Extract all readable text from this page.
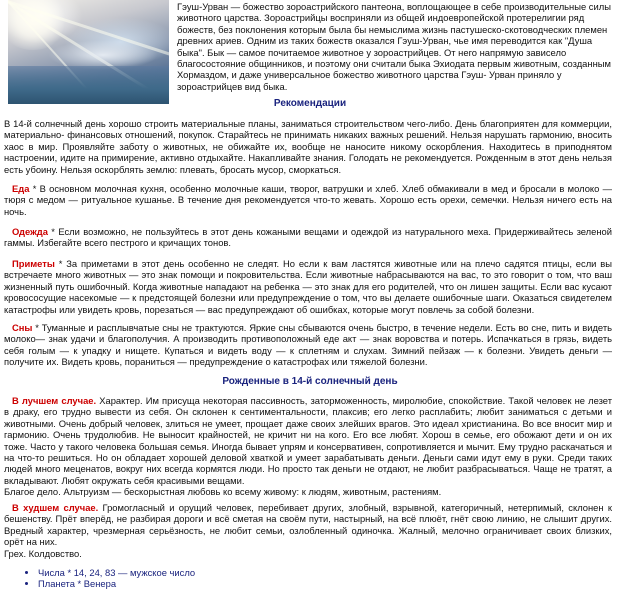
Гэуш-Урван — божество зороастрийского пантеона, воплощающее в себе производительные силы животного царства. Зороастрийцы восприняли из общей индоевропейской протерелигии ряд божеств, без поклонения которым была бы немыслима жизнь пастушеско-скотоводческих племен древних ариев. Одним из таких божеств оказался Гэуш-Урван, чье имя переводится как "Душа быка". Бык — самое почитаемое животное у зороастрийцев. От него напрямую зависело благосостояние общинников, и поэтому они считали быка Эхиодата первым животным, созданным Хормаздом, и даже универсальное божество животного царства Гэуш- Урван приняло у зороастрийцев вид быка.

Рекомендации

В 14-й солнечный день хорошо строить материальные планы, заниматься строительством чего-либо. День благоприятен для коммерции, материально- финансовых отношений, покупок. Старайтесь не принимать никаких важных решений. Нельзя нарушать гармонию, вносить хаос в мир. Проявляйте заботу о животных, не обижайте их, вообще не наносите никому оскорбления. Находитесь в приподнятом настроении, идите на примирение, активно отдыхайте. Накапливайте знания. Голодать не рекомендуется. Рожденным в этот день нельзя есть убоину. Нельзя оскорблять землю: плевать, бросать мусор, сморкаться.

Еда * В основном молочная кухня, особенно молочные каши, творог, ватрушки и хлеб. Хлеб обмакивали в мед и бросали в молоко — тюря с медом — ритуальное кушанье. В течение дня рекомендуется что-то жевать. Хорошо есть орехи, семечки. Нельзя ничего есть на ночь.

Одежда * Если возможно, не пользуйтесь в этот день кожаными вещами и одеждой из натурального меха. Придерживайтесь зеленой гаммы. Избегайте всего пестрого и кричащих тонов.

Приметы * За приметами в этот день особенно не следят. Но если к вам ластятся животные или на плечо садятся птицы, если вы встречаете много животных — это знак помощи и покровительства. Если животные набрасываются на вас, то это говорит о том, что ваш жизненный путь ошибочный. Когда животные нападают на ребенка — это знак для его родителей, что он лишен защиты. Если вас кусают кровососущие насекомые — к предстоящей болезни или предупреждение о том, что вы делаете ошибочные шаги. Оказаться свидетелем катастрофы или увидеть кровь, порезаться — вас предупреждают об ошибках, которые могут повлечь за собой болезни.

Сны * Туманные и расплывчатые сны не трактуются. Яркие сны сбываются очень быстро, в течение недели. Есть во сне, пить и видеть молоко— знак удачи и благополучия. А производить противоположный еде акт — знак воровства и потерь. Испачкаться в грязь, видеть себя голым — к упадку и нищете. Купаться и видеть воду — к сплетням и слухам. Зимний пейзаж — к болезни. Увидеть деньги — получите их. Видеть кровь, пораниться — предупреждение о катастрофах или тяжелой болезни.

Рожденные в 14-й солнечный день

В лучшем случае. Характер. Им присуща некоторая пассивность, заторможенность, миролюбие, спокойствие. Такой человек не лезет в драку, его трудно вывести из себя. Он склонен к сентиментальности, плаксив; его легко расплабить; любит заниматься с детьми и животными. Очень добрый человек, злиться не умеет, прощает даже своих злейших врагов. Это идеал христианина. Во все вносит мир и гармонию. Очень трудолюбив. Не выносит крайностей, не кричит ни на кого. Его все любят. Хорош в семье, его обожают дети и он их тоже. Часто у такого человека большая семья. Иногда бывает упрям и консервативен, сопротивляется и мычит. Ему трудно раскачаться и на что-то решиться. Но он обладает хорошей деловой хваткой и умеет зарабатывать деньги. Деньги сами идут ему в руки. Среди таких людей много меценатов, вокруг них всегда кормятся люди. Но просто так деньги не отдают, не любит разбрасываться. Чаще не тратят, а вкладывают. Любят окружать себя красивыми вещами.

Благое дело. Альтруизм — бескорыстная любовь ко всему живому: к людям, животным, растениям.

В худшем случае. Громогласный и орущий человек, перебивает других, злобный, взрывной, категоричный, нетерпимый, склонен к бешенству. Прёт вперёд, не разбирая дороги и всё сметая на своём пути, настырный, на всё плюёт, гнёт свою линию, не слышит других. Вредный характер, чрезмерная серьёзность, не любит семьи, озлобленный одиночка. Жалный, мелочно ограничивает своих близких, орёт на них.

Грех. Колдовство.

• Числа * 14, 24, 83 — мужское число
• Планета * Венера
